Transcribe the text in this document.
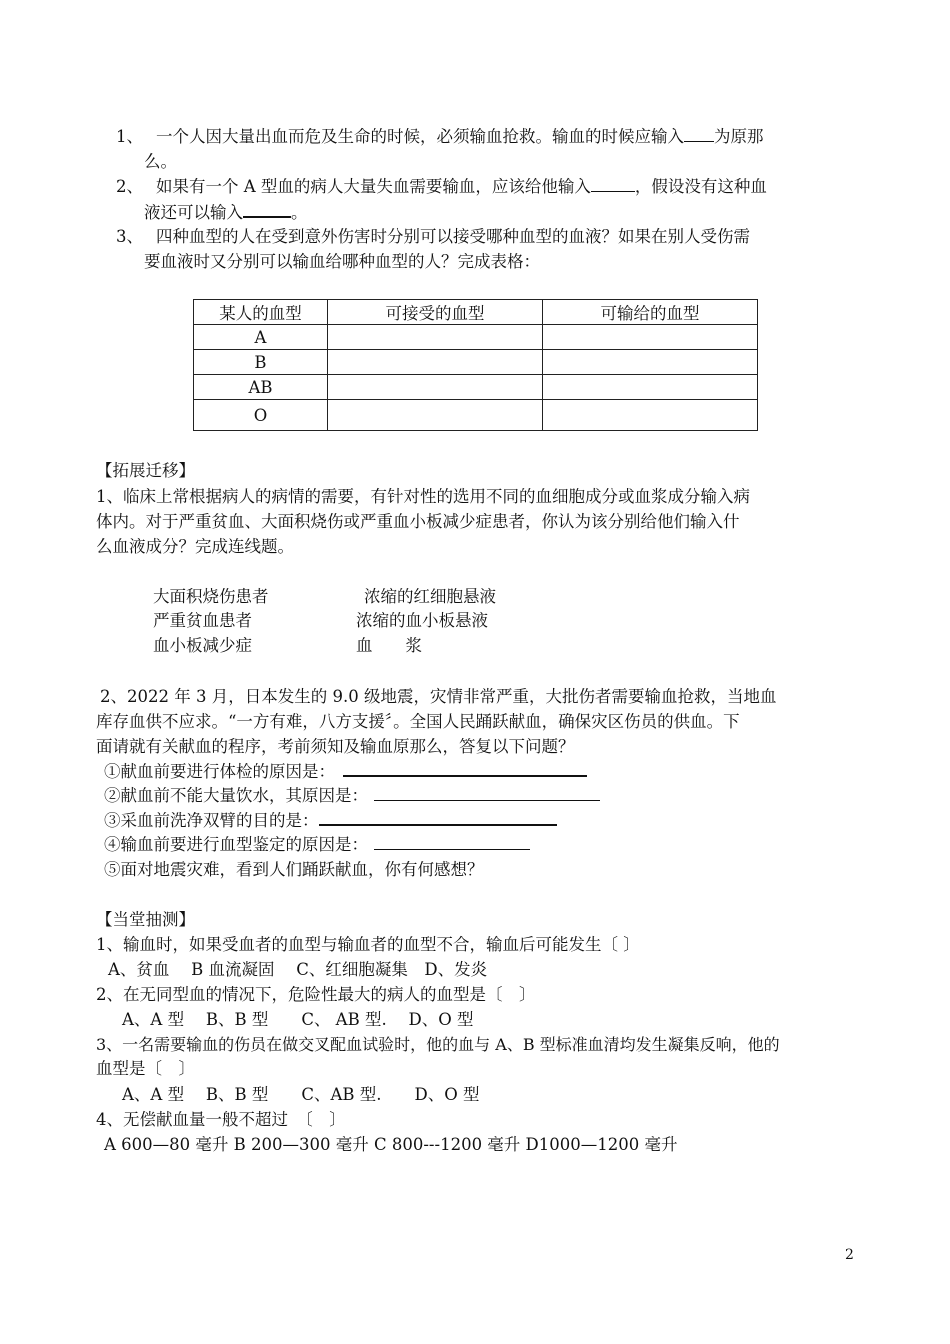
1、 一个人因大量出血而危及生命的时候，必须输血抢救。输血的时候应输入 为原那
么。
2、 如果有一个 A 型血的病人大量失血需要输血，应该给他输入	，假设没有这种血
液还可以输入	。
3、 四种血型的人在受到意外伤害时分别可以接受哪种血型的血液？如果在别人受伤需
要血液时又分别可以输血给哪种血型的人？完成表格：
某人的血型	可接受的血型	可输给的血型
A		
B		
AB		
O		
【拓展迁移】
1、临床上常根据病人的病情的需要，有针对性的选用不同的血细胞成分或血浆成分输入病
体内。对于严重贫血、大面积烧伤或严重血小板减少症患者，你认为该分别给他们输入什
么血液成分？完成连线题。
大面积烧伤患者
严重贫血患者
血小板减少症
浓缩的红细胞悬液
浓缩的血小板悬液
血　　浆
2、2022 年 3 月，日本发生的 9.0 级地震，灾情非常严重，大批伤者需要输血抢救，当地血
库存血供不应求。“一方有难，八方支援〞。全国人民踊跃献血，确保灾区伤员的供血。下
面请就有关献血的程序，考前须知及输血原那么，答复以下问题？
①献血前要进行体检的原因是：
②献血前不能大量饮水，其原因是：
③采血前洗净双臂的目的是：
④输血前要进行血型鉴定的原因是：
⑤面对地震灾难，看到人们踊跃献血，你有何感想？
【当堂抽测】
1、输血时，如果受血者的血型与输血者的血型不合，输血后可能发生〔 〕
A、贫血　 B 血流凝固　 C、红细胞凝集　D、发炎
2、在无同型血的情况下，危险性最大的病人的血型是〔　〕
A、A 型　 B、B 型　　C、 AB 型.　 D、O 型
3、一名需要输血的伤员在做交叉配血试验时，他的血与 A、B 型标准血清均发生凝集反响，他的
血型是〔　〕
A、A 型　 B、B 型　　C、AB 型.　　D、O 型
4、无偿献血量一般不超过　〔　〕
A 600—80 毫升 B 200—300 毫升 C 800---1200 毫升 D1000—1200 毫升
2
